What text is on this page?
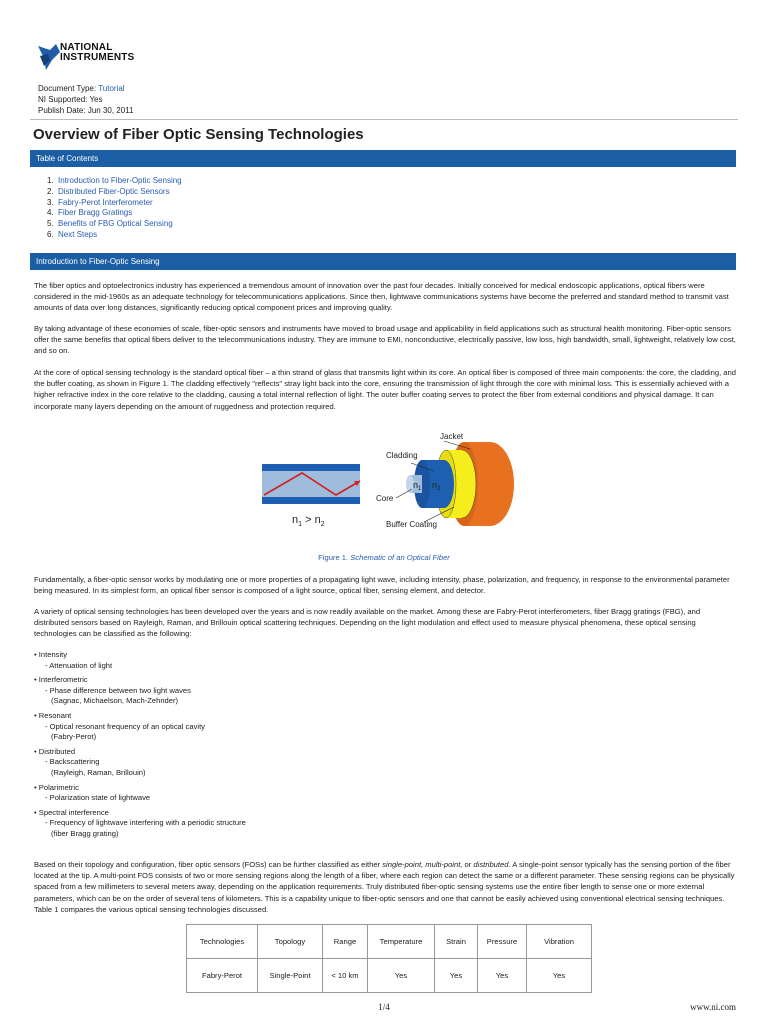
NATIONAL
INSTRUMENTS
Document Type: Tutorial
NI Supported: Yes
Publish Date: Jun 30, 2011
Overview of Fiber Optic Sensing Technologies
Table of Contents
1. Introduction to Fiber-Optic Sensing
2. Distributed Fiber-Optic Sensors
3. Fabry-Perot Interferometer
4. Fiber Bragg Gratings
5. Benefits of FBG Optical Sensing
6. Next Steps
Introduction to Fiber-Optic Sensing

The fiber optics and optoelectronics industry has experienced a tremendous amount of innovation over the past four decades. Initially conceived for medical endoscopic applications, optical fibers were considered in the mid-1960s as an adequate technology for telecommunications applications. Since then, lightwave communications systems have become the preferred and standard method to transmit vast amounts of data over long distances, significantly reducing optical component prices and improving quality.

By taking advantage of these economies of scale, fiber-optic sensors and instruments have moved to broad usage and applicability in field applications such as structural health monitoring. Fiber-optic sensors offer the same benefits that optical fibers deliver to the telecommunications industry. They are immune to EMI, nonconductive, electrically passive, low loss, high bandwidth, small, lightweight, relatively low cost, and so on.

At the core of optical sensing technology is the standard optical fiber – a thin strand of glass that transmits light within its core. An optical fiber is composed of three main components: the core, the cladding, and the buffer coating, as shown in Figure 1. The cladding effectively "reflects" stray light back into the core, ensuring the transmission of light through the core with minimal loss. This is essentially achieved with a higher refractive index in the core relative to the cladding, causing a total internal reflection of light. The outer buffer coating serves to protect the fiber from external conditions and physical damage. It can incorporate many layers depending on the amount of ruggedness and protection required.

Jacket
Cladding
Core
Buffer Coating
$n_1$ $n_2$
$n_1 > n_2$
Figure 1. Schematic of an Optical Fiber

Fundamentally, a fiber-optic sensor works by modulating one or more properties of a propagating light wave, including intensity, phase, polarization, and frequency, in response to the environmental parameter being measured. In its simplest form, an optical fiber sensor is composed of a light source, optical fiber, sensing element, and detector.

A variety of optical sensing technologies has been developed over the years and is now readily available on the market. Among these are Fabry-Perot interferometers, fiber Bragg gratings (FBG), and distributed sensors based on Rayleigh, Raman, and Brillouin optical scattering techniques. Depending on the light modulation and effect used to measure physical phenomena, these optical sensing technologies can be classified as the following:

• Intensity
- Attenuation of light
• Interferometric
- Phase difference between two light waves
(Sagnac, Michaelson, Mach-Zehnder)
• Resonant
- Optical resonant frequency of an optical cavity
(Fabry-Perot)
• Distributed
- Backscattering
(Rayleigh, Raman, Brillouin)
• Polarimetric
- Polarization state of lightwave
• Spectral interference
- Frequency of lightwave interfering with a periodic structure
(fiber Bragg grating)

Based on their topology and configuration, fiber optic sensors (FOSs) can be further classified as either single-point, multi-point, or distributed. A single-point sensor typically has the sensing portion of the fiber located at the tip. A multi-point FOS consists of two or more sensing regions along the length of a fiber, where each region can detect the same or a different parameter. These sensing regions can be physically spaced from a few millimeters to several meters away, depending on the application requirements. Truly distributed fiber-optic sensing systems use the entire fiber length to sense one or more external parameters, which can be on the order of several tens of kilometers. This is a capability unique to fiber-optic sensors and one that cannot be easily achieved using conventional electrical sensing techniques. Table 1 compares the various optical sensing technologies discussed.

Technologies	Topology	Range	Temperature	Strain	Pressure	Vibration
Fabry-Perot	Single-Point	< 10 km	Yes	Yes	Yes	Yes
1/4	www.ni.com
